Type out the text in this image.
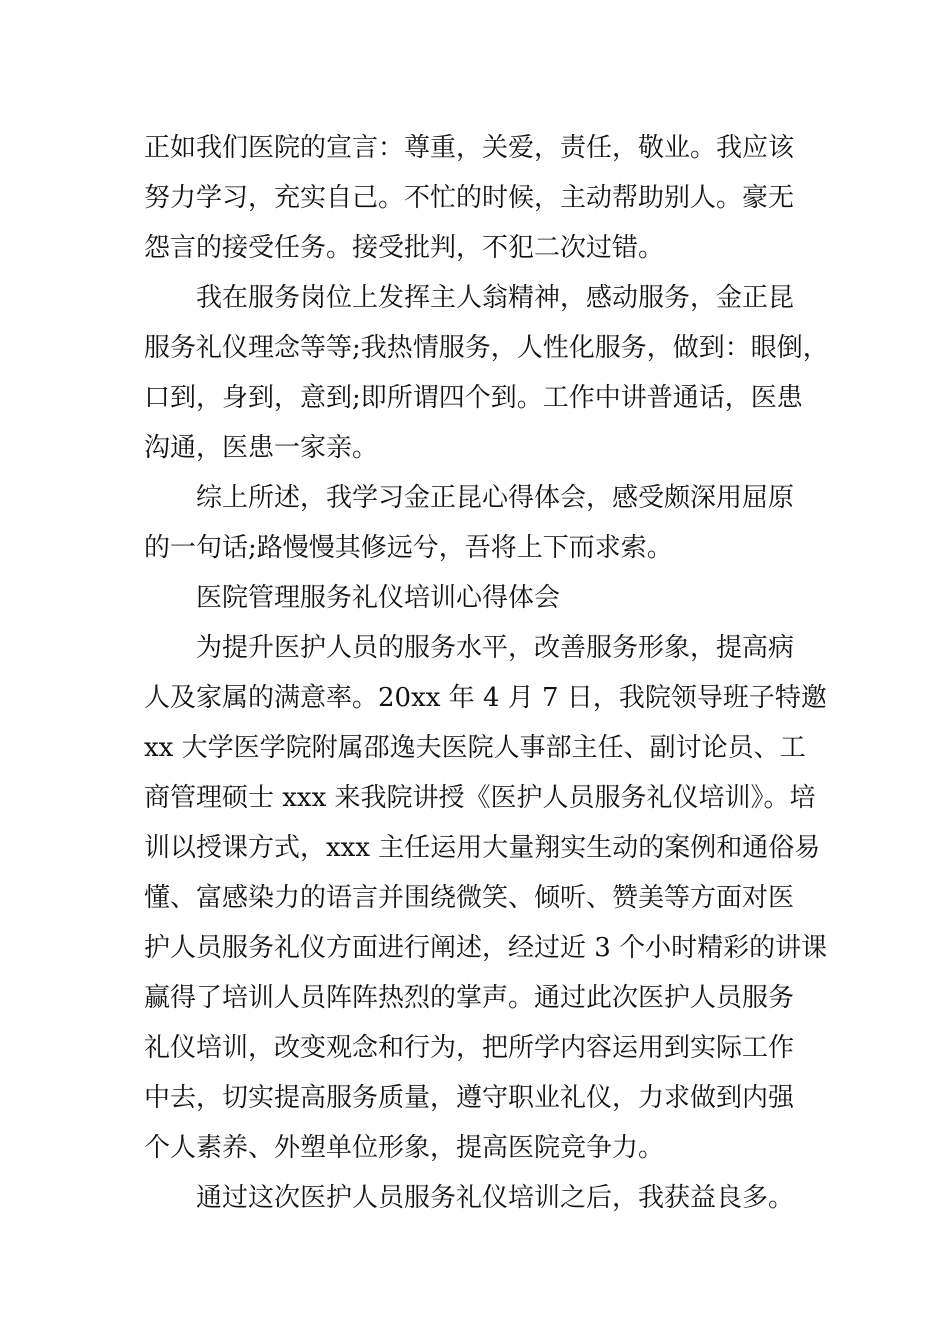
正如我们医院的宣言：尊重，关爱，责任，敬业。我应该

努力学习，充实自己。不忙的时候，主动帮助别人。豪无

怨言的接受任务。接受批判，不犯二次过错。

我在服务岗位上发挥主人翁精神，感动服务，金正昆

服务礼仪理念等等;我热情服务，人性化服务，做到：眼倒，

口到，身到，意到;即所谓四个到。工作中讲普通话，医患

沟通，医患一家亲。

综上所述，我学习金正昆心得体会，感受颇深用屈原

的一句话;路慢慢其修远兮，吾将上下而求索。

医院管理服务礼仪培训心得体会

为提升医护人员的服务水平，改善服务形象，提高病

人及家属的满意率。20xx 年 4 月 7 日，我院领导班子特邀

xx 大学医学院附属邵逸夫医院人事部主任、副讨论员、工

商管理硕士 xxx 来我院讲授《医护人员服务礼仪培训》。培

训以授课方式，xxx 主任运用大量翔实生动的案例和通俗易

懂、富感染力的语言并围绕微笑、倾听、赞美等方面对医

护人员服务礼仪方面进行阐述，经过近 3 个小时精彩的讲课

赢得了培训人员阵阵热烈的掌声。通过此次医护人员服务

礼仪培训，改变观念和行为，把所学内容运用到实际工作

中去，切实提高服务质量，遵守职业礼仪，力求做到内强

个人素养、外塑单位形象，提高医院竞争力。

通过这次医护人员服务礼仪培训之后，我获益良多。
